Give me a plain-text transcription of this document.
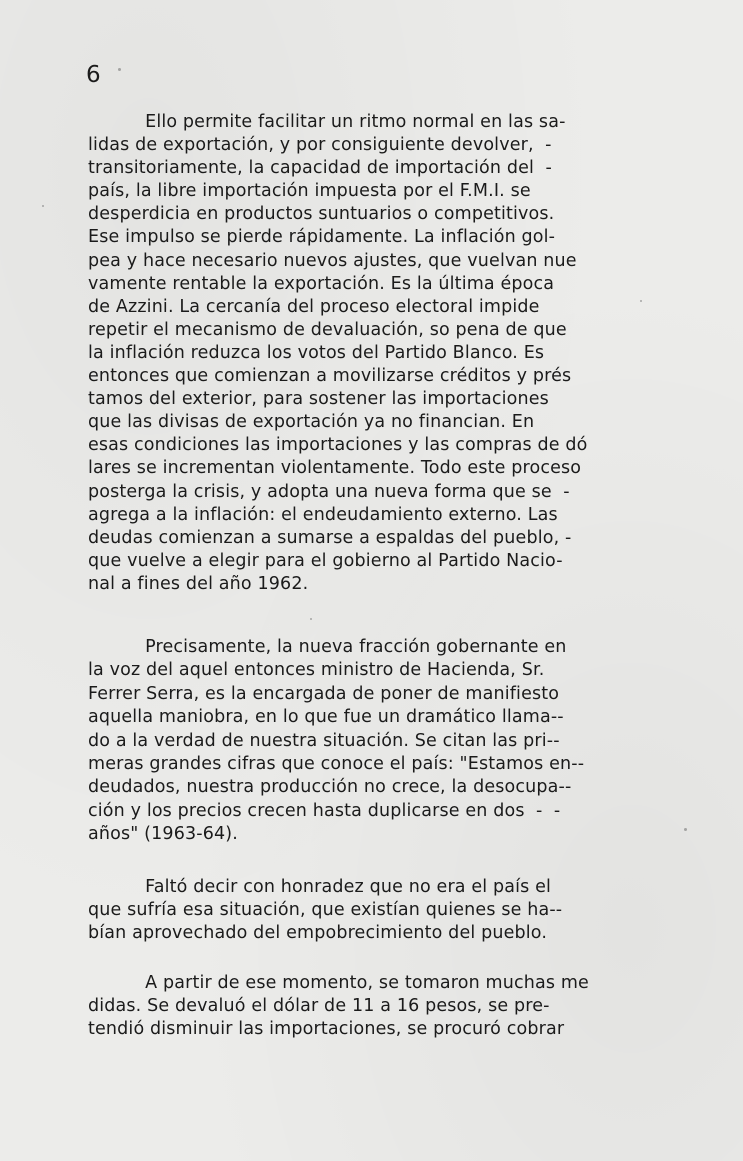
6
Ello permite facilitar un ritmo normal en las sa-
lidas de exportación, y por consiguiente devolver,  -
transitoriamente, la capacidad de importación del  -
país, la libre importación impuesta por el F.M.I. se
desperdicia en productos suntuarios o competitivos.
Ese impulso se pierde rápidamente. La inflación gol-
pea y hace necesario nuevos ajustes, que vuelvan nue
vamente rentable la exportación. Es la última época
de Azzini. La cercanía del proceso electoral impide
repetir el mecanismo de devaluación, so pena de que
la inflación reduzca los votos del Partido Blanco. Es
entonces que comienzan a movilizarse créditos y prés
tamos del exterior, para sostener las importaciones
que las divisas de exportación ya no financian. En
esas condiciones las importaciones y las compras de dó
lares se incrementan violentamente. Todo este proceso
posterga la crisis, y adopta una nueva forma que se  -
agrega a la inflación: el endeudamiento externo. Las
deudas comienzan a sumarse a espaldas del pueblo, -
que vuelve a elegir para el gobierno al Partido Nacio-
nal a fines del año 1962.
Precisamente, la nueva fracción gobernante en
la voz del aquel entonces ministro de Hacienda, Sr.
Ferrer Serra, es la encargada de poner de manifiesto
aquella maniobra, en lo que fue un dramático llama--
do a la verdad de nuestra situación. Se citan las pri--
meras grandes cifras que conoce el país: "Estamos en--
deudados, nuestra producción no crece, la desocupa--
ción y los precios crecen hasta duplicarse en dos  -  -
años" (1963-64).
Faltó decir con honradez que no era el país el
que sufría esa situación, que existían quienes se ha--
bían aprovechado del empobrecimiento del pueblo.
A partir de ese momento, se tomaron muchas me
didas. Se devaluó el dólar de 11 a 16 pesos, se pre-
tendió disminuir las importaciones, se procuró cobrar
